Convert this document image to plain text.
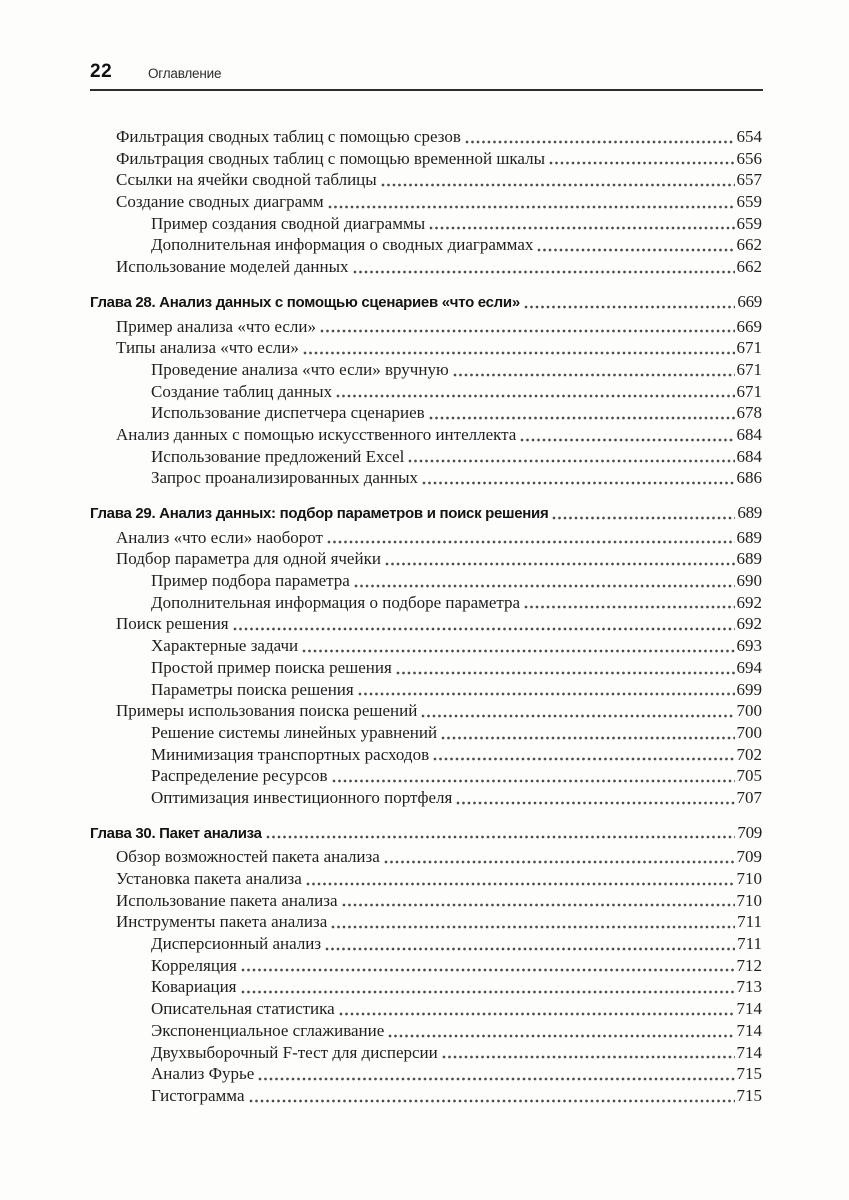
22	Оглавление
Фильтрация сводных таблиц с помощью срезов	654
Фильтрация сводных таблиц с помощью временной шкалы	656
Ссылки на ячейки сводной таблицы	657
Создание сводных диаграмм	659
Пример создания сводной диаграммы	659
Дополнительная информация о сводных диаграммах	662
Использование моделей данных	662
Глава 28. Анализ данных с помощью сценариев «что если»	669
Пример анализа «что если»	669
Типы анализа «что если»	671
Проведение анализа «что если» вручную	671
Создание таблиц данных	671
Использование диспетчера сценариев	678
Анализ данных с помощью искусственного интеллекта	684
Использование предложений Excel	684
Запрос проанализированных данных	686
Глава 29. Анализ данных: подбор параметров и поиск решения	689
Анализ «что если» наоборот	689
Подбор параметра для одной ячейки	689
Пример подбора параметра	690
Дополнительная информация о подборе параметра	692
Поиск решения	692
Характерные задачи	693
Простой пример поиска решения	694
Параметры поиска решения	699
Примеры использования поиска решений	700
Решение системы линейных уравнений	700
Минимизация транспортных расходов	702
Распределение ресурсов	705
Оптимизация инвестиционного портфеля	707
Глава 30. Пакет анализа	709
Обзор возможностей пакета анализа	709
Установка пакета анализа	710
Использование пакета анализа	710
Инструменты пакета анализа	711
Дисперсионный анализ	711
Корреляция	712
Ковариация	713
Описательная статистика	714
Экспоненциальное сглаживание	714
Двухвыборочный F-тест для дисперсии	714
Анализ Фурье	715
Гистограмма	715
